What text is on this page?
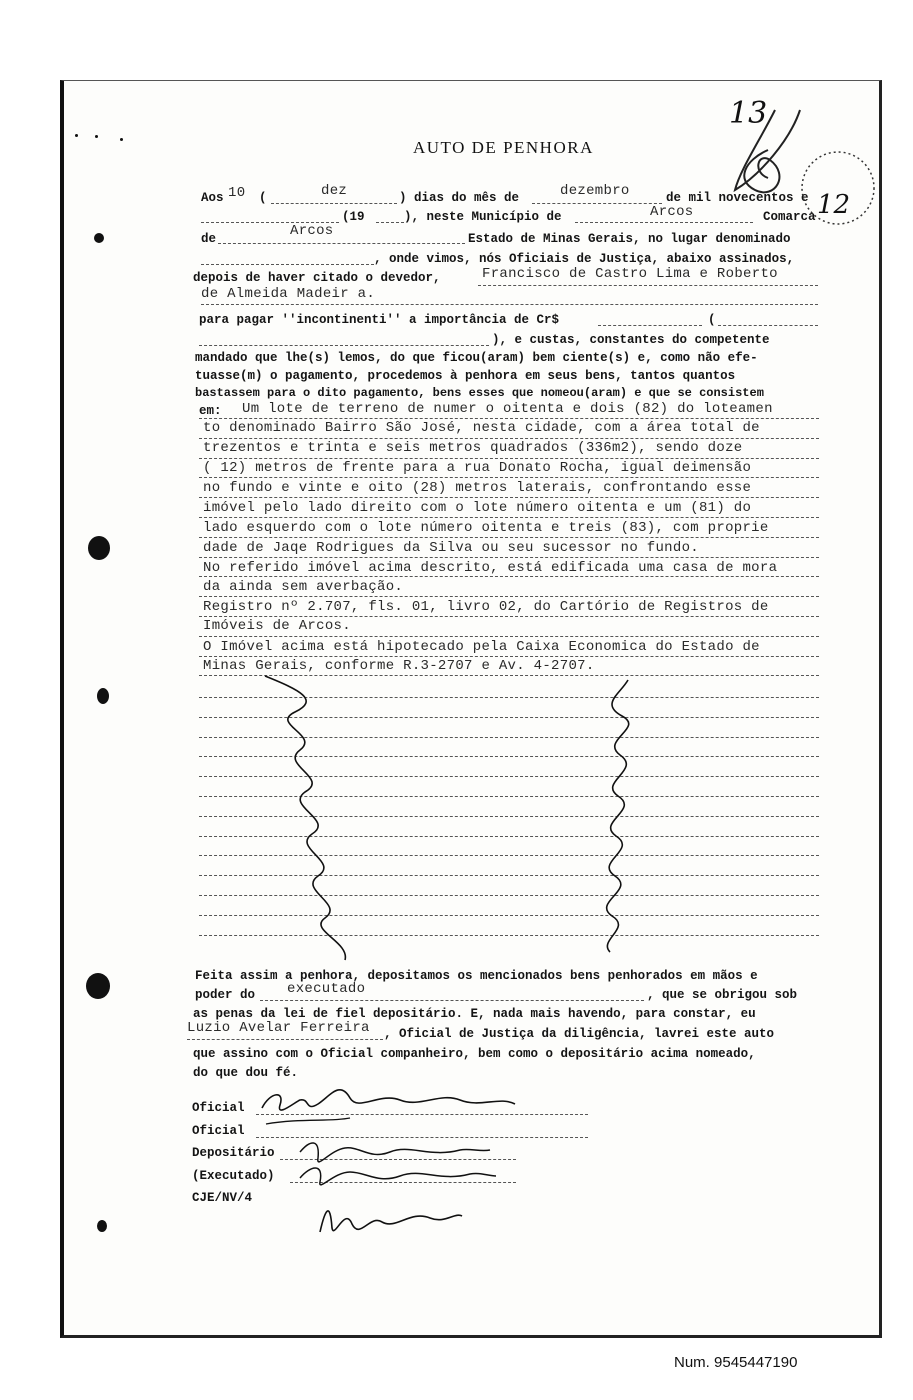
AUTO DE PENHORA
Aos 10 (	dez	) dias do mês de	dezembro	de mil novecentos e
(19	), neste Município de	Arcos	Comarca
de	Arcos	Estado de Minas Gerais, no lugar denominado
, onde vimos, nós Oficiais de Justiça, abaixo assinados,
depois de haver citado o devedor,	Francisco de Castro Lima e Roberto
de Almeida Madeir a.
para pagar ''incontinenti'' a importância de Cr$	(
), e custas, constantes do competente
mandado que lhe(s) lemos, do que ficou(aram) bem ciente(s) e, como não efe-
tuasse(m) o pagamento, procedemos à penhora em seus bens, tantos quantos
bastassem para o dito pagamento, bens esses que nomeou(aram) e que se consistem
em: Um lote de terreno de numer o oitenta e dois (82) do loteamen
to denominado Bairro São José, nesta cidade, com a área total de
trezentos e trinta e seis metros quadrados (336m2), sendo doze
( 12) metros de frente para a rua Donato Rocha, igual deimensão
no fundo e vinte e oito (28) metros laterais, confrontando esse
imóvel pelo lado direito com o lote número oitenta e um (81) do
lado esquerdo com o lote número oitenta e treis (83), com proprie
dade de Jaqe Rodrigues da Silva ou seu sucessor no fundo.
No referido imóvel acima descrito, está edificada uma casa de mora
da ainda sem averbação.
Registro nº 2.707, fls. 01, livro 02, do Cartório de Registros de
Imóveis de Arcos.
O Imóvel acima está hipotecado pela Caixa Economica do Estado de
Minas Gerais, conforme R.3-2707 e Av. 4-2707.
Feita assim a penhora, depositamos os mencionados bens penhorados em mãos e
poder do executado	, que se obrigou sob
as penas da lei de fiel depositário. E, nada mais havendo, para constar, eu
Luzio Avelar Ferreira , Oficial de Justiça da diligência, lavrei este auto
que assino com o Oficial companheiro, bem como o depositário acima nomeado,
do que dou fé.
Oficial
Oficial
Depositário
(Executado)
CJE/NV/4
13
12
Num. 9545447190
